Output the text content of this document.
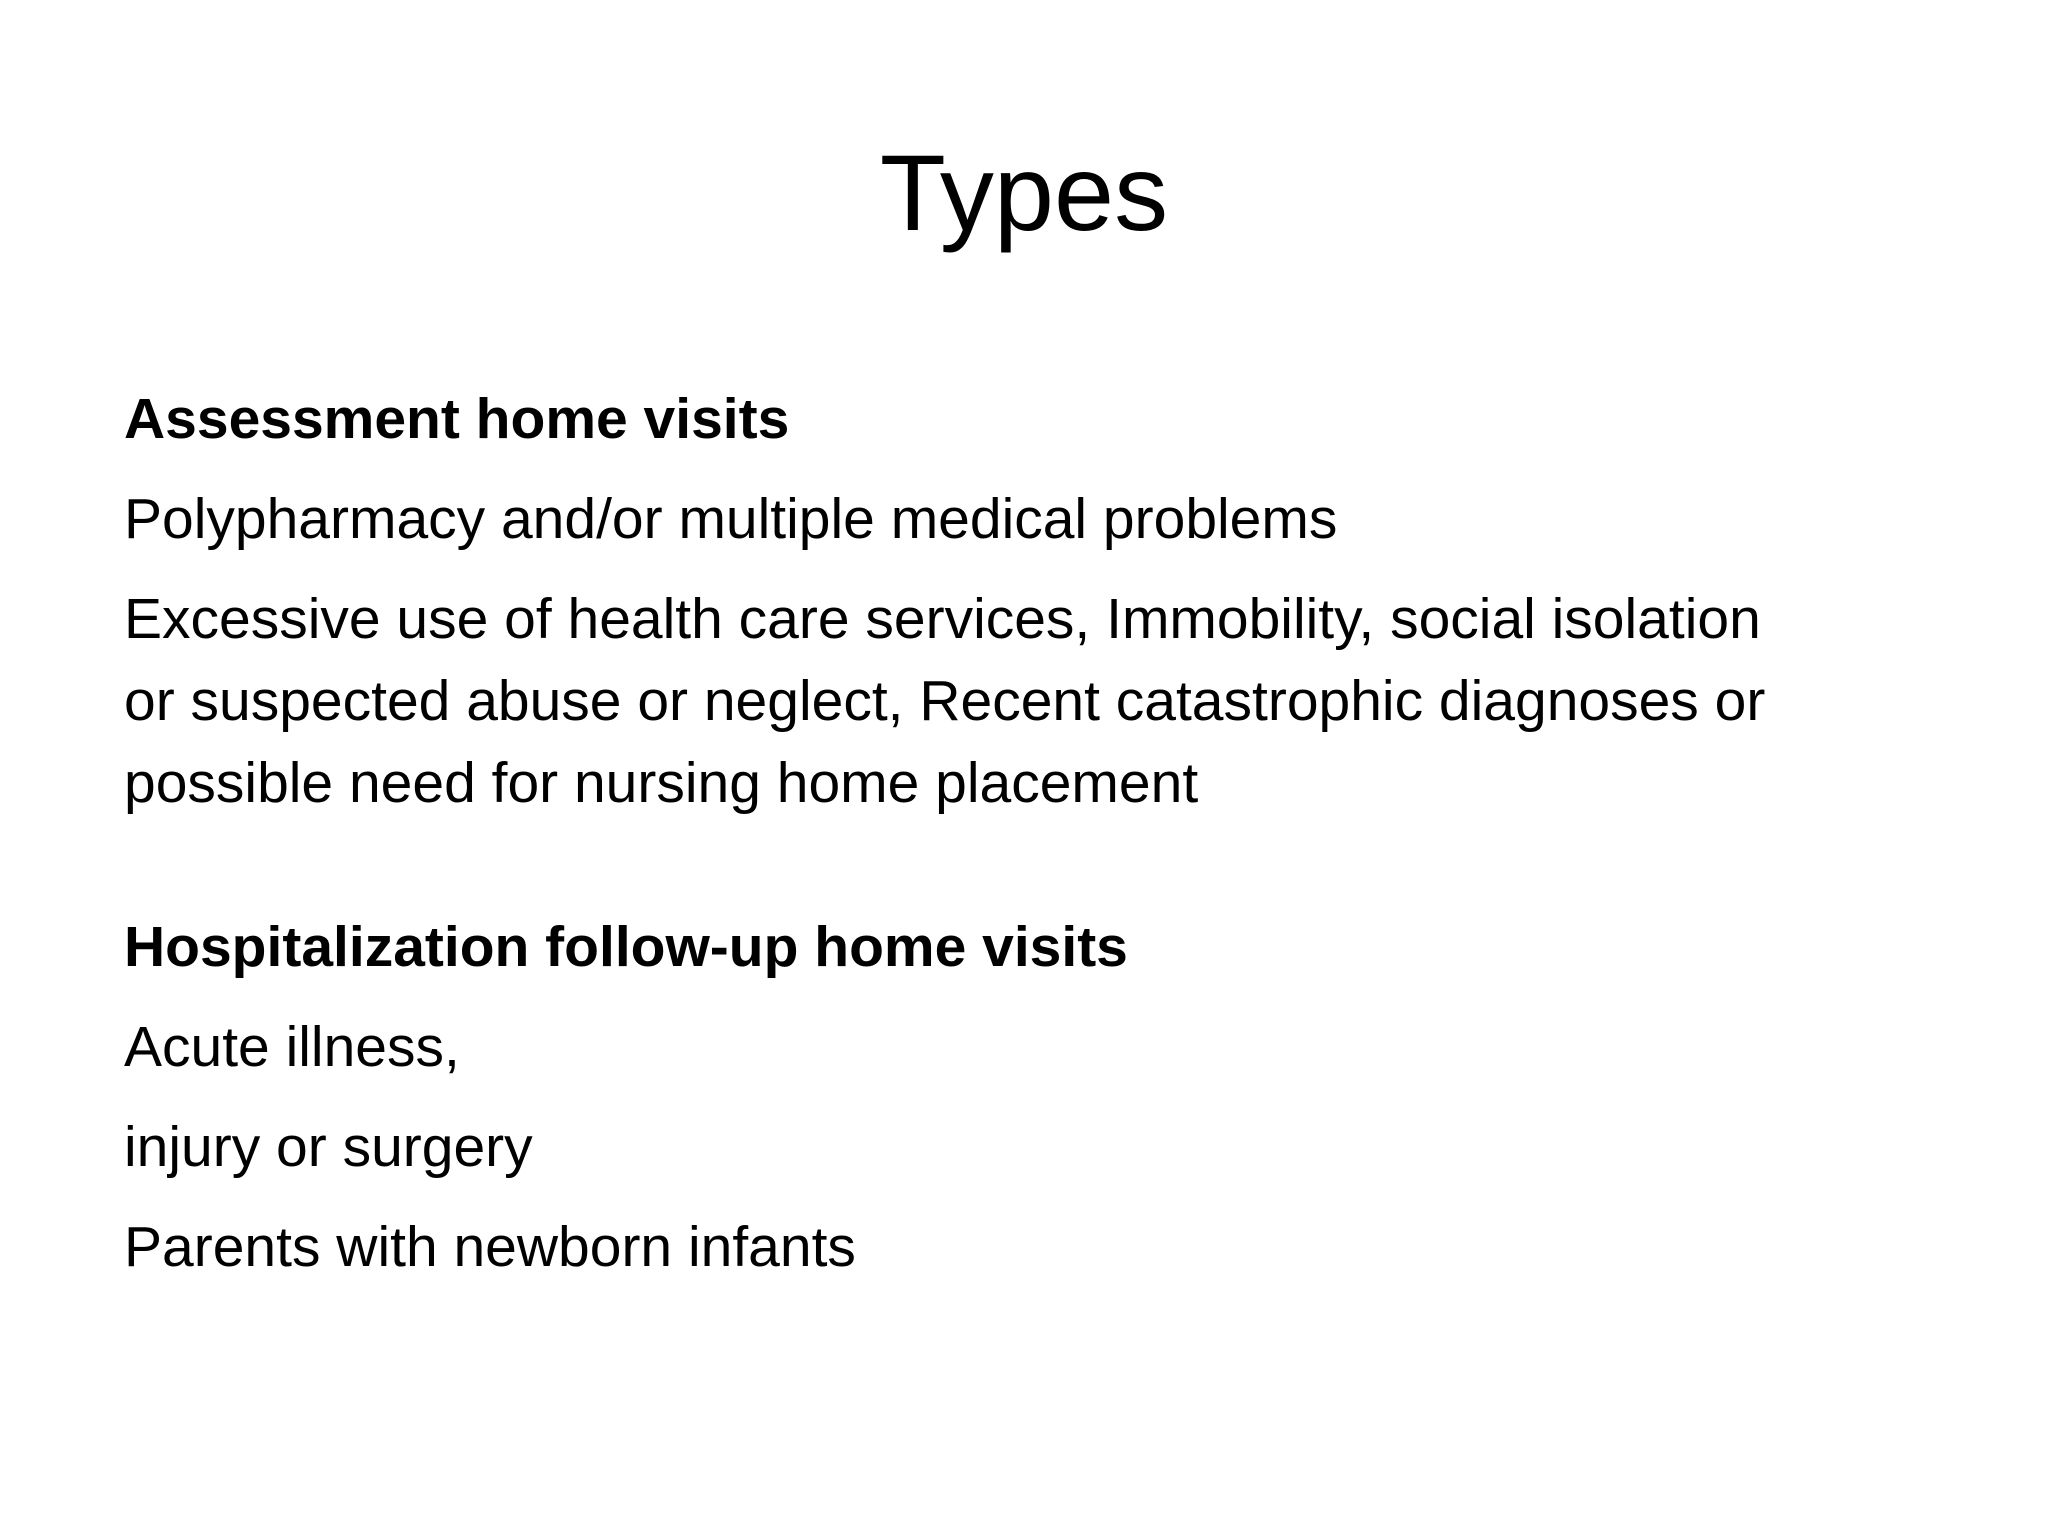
Types

Assessment home visits

Polypharmacy and/or multiple medical problems

Excessive use of health care services, Immobility, social isolation

or suspected abuse or neglect, Recent catastrophic diagnoses or

possible need for nursing home placement

Hospitalization follow-up home visits

Acute illness,

injury or surgery

Parents with newborn infants
